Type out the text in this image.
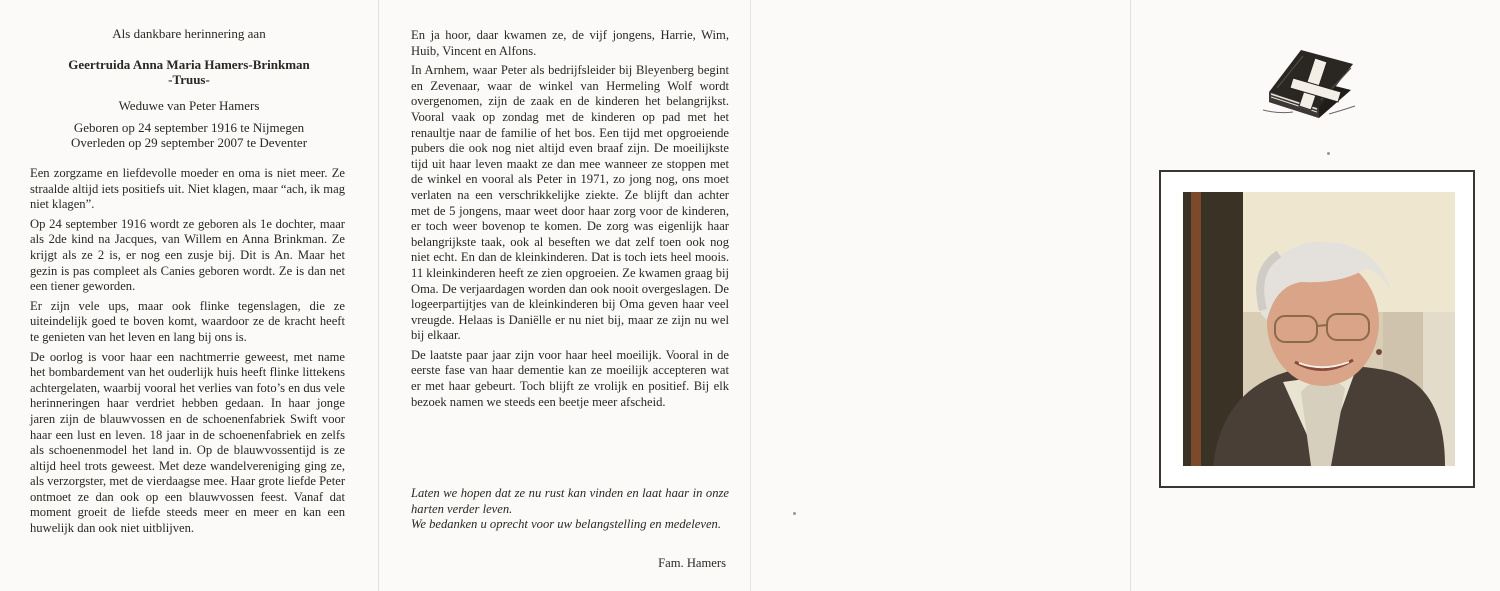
Als dankbare herinnering aan
Geertruida Anna Maria Hamers-Brinkman
-Truus-
Weduwe van Peter Hamers
Geboren op 24 september 1916 te Nijmegen
Overleden op 29 september 2007 te Deventer

Een zorgzame en liefdevolle moeder en oma is niet meer. Ze straalde altijd iets positiefs uit. Niet klagen, maar “ach, ik mag niet klagen”.

Op 24 september 1916 wordt ze geboren als 1e dochter, maar als 2de kind na Jacques, van Willem en Anna Brinkman. Ze krijgt als ze 2 is, er nog een zusje bij. Dit is An. Maar het gezin is pas compleet als Canies geboren wordt. Ze is dan net een tiener geworden.

Er zijn vele ups, maar ook flinke tegenslagen, die ze uiteindelijk goed te boven komt, waardoor ze de kracht heeft te genieten van het leven en lang bij ons is.

De oorlog is voor haar een nachtmerrie geweest, met name het bombardement van het ouderlijk huis heeft flinke littekens achtergelaten, waarbij vooral het verlies van foto’s en dus vele herinneringen haar verdriet hebben gedaan. In haar jonge jaren zijn de blauwvossen en de schoenenfabriek Swift voor haar een lust en leven. 18 jaar in de schoenenfabriek en zelfs als schoenenmodel het land in. Op de blauwvossentijd is ze altijd heel trots geweest. Met deze wandelvereniging ging ze, als verzorgster, met de vierdaagse mee. Haar grote liefde Peter ontmoet ze dan ook op een blauwvossen feest. Vanaf dat moment groeit de liefde steeds meer en meer en kan een huwelijk dan ook niet uitblijven.

En ja hoor, daar kwamen ze, de vijf jongens, Harrie, Wim, Huib, Vincent en Alfons.

In Arnhem, waar Peter als bedrijfsleider bij Bleyenberg begint en Zevenaar, waar de winkel van Hermeling Wolf wordt overgenomen, zijn de zaak en de kinderen het belangrijkst. Vooral vaak op zondag met de kinderen op pad met het renaultje naar de familie of het bos. Een tijd met opgroeiende pubers die ook nog niet altijd even braaf zijn. De moeilijkste tijd uit haar leven maakt ze dan mee wanneer ze stoppen met de winkel en vooral als Peter in 1971, zo jong nog, ons moet verlaten na een verschrikkelijke ziekte. Ze blijft dan achter met de 5 jongens, maar weet door haar zorg voor de kinderen, er toch weer bovenop te komen. De zorg was eigenlijk haar belangrijkste taak, ook al beseften we dat zelf toen ook nog niet echt. En dan de kleinkinderen. Dat is toch iets heel moois. 11 kleinkinderen heeft ze zien opgroeien. Ze kwamen graag bij Oma. De verjaardagen worden dan ook nooit overgeslagen. De logeerpartijtjes van de kleinkinderen bij Oma geven haar veel vreugde. Helaas is Daniëlle er nu niet bij, maar ze zijn nu wel bij elkaar.

De laatste paar jaar zijn voor haar heel moeilijk. Vooral in de eerste fase van haar dementie kan ze moeilijk accepteren wat er met haar gebeurt. Toch blijft ze vrolijk en positief. Bij elk bezoek namen we steeds een beetje meer afscheid.

Laten we hopen dat ze nu rust kan vinden en laat haar in onze harten verder leven.

We bedanken u oprecht voor uw belangstelling en medeleven.

Fam. Hamers
